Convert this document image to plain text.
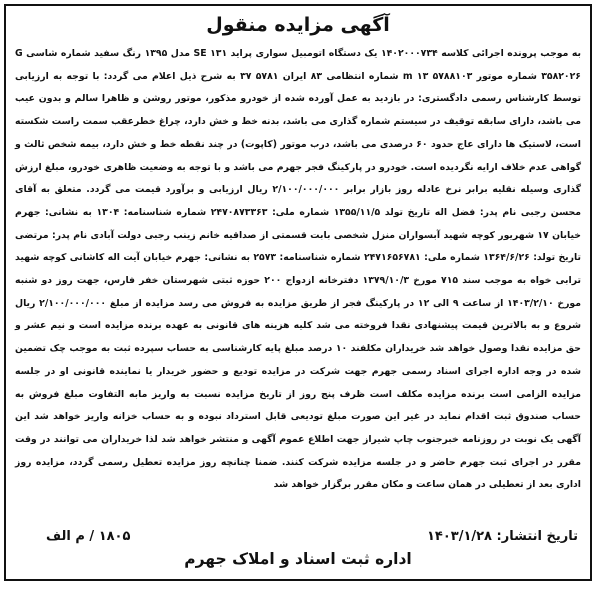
آگهی مزایده منقول

به موجب پرونده اجرائی کلاسه ۱۴۰۲۰۰۰۷۳۴ یک دستگاه اتومبیل سواری پراید SE ۱۳۱ مدل ۱۳۹۵ رنگ سفید شماره شاسی G ۳۵۸۲۰۲۶ شماره موتور ۵۷۸۸۱۰۳ m ۱۳ شماره انتظامی ۸۳ ایران ۵۷۸۱ ۳۷ به شرح ذیل اعلام می گردد: با توجه به ارزیابی توسط کارشناس رسمی دادگستری: در بازدید به عمل آورده شده از خودرو مذکور، موتور روشن و ظاهرا سالم و بدون عیب می باشد، دارای سابقه توقیف در سیستم شماره گذاری می باشد، بدنه خط و خش دارد، چراغ خطرعقب سمت راست شکسته است، لاستیک ها دارای عاج حدود ۶۰ درصدی می باشد، درب موتور (کاپوت) در چند نقطه خط و خش دارد، بیمه شخص ثالث و گواهی عدم خلاف ارایه نگردیده است. خودرو در پارکینگ فجر جهرم می باشد و با توجه به وضعیت ظاهری خودرو، مبلغ ارزش گذاری وسیله نقلیه برابر نرخ عادله روز بازار برابر ۲/۱۰۰/۰۰۰/۰۰۰ ریال ارزیابی و برآورد قیمت می گردد. متعلق به آقای محسن رجبی نام پدر: فضل اله تاریخ تولد ۱۳۵۵/۱۱/۵ شماره ملی: ۲۴۷۰۸۷۳۳۶۳ شماره شناسنامه: ۱۳۰۴ به نشانی: جهرم خیابان ۱۷ شهریور کوچه شهید آبسواران منزل شخصی بابت قسمتی از صداقیه خانم زینب رجبی دولت آبادی نام پدر: مرتضی تاریخ تولد: ۱۳۶۴/۶/۲۶ شماره ملی: ۲۴۷۱۶۵۶۷۸۱ شماره شناسنامه: ۲۵۷۳ به نشانی: جهرم خیابان آیت اله کاشانی کوچه شهید ترابی خواه به موجب سند ۷۱۵ مورخ ۱۳۷۹/۱۰/۳ دفترخانه ازدواج ۲۰۰ حوزه ثبتی شهرستان خفر فارس، جهت روز دو شنبه مورخ ۱۴۰۳/۲/۱۰ از ساعت ۹ الی ۱۲ در پارکینگ فجر از طریق مزایده به فروش می رسد مزایده از مبلغ ۲/۱۰۰/۰۰۰/۰۰۰ ریال شروع و به بالاترین قیمت پیشنهادی نقدا فروخته می شد کلیه هزینه های قانونی به عهده برنده مزایده است و نیم عشر و حق مزایده نقدا وصول خواهد شد خریداران مکلفند ۱۰ درصد مبلغ پایه کارشناسی به حساب سپرده ثبت به موجب چک تضمین شده در وجه اداره اجرای اسناد رسمی جهرم جهت شرکت در مزایده تودیع و حضور خریدار یا نماینده قانونی او در جلسه مزایده الزامی است برنده مزایده مکلف است ظرف پنج روز از تاریخ مزایده نسبت به واریز مابه التفاوت مبلغ فروش به حساب صندوق ثبت اقدام نماید در غیر این صورت مبلغ تودیعی قابل استرداد نبوده و به حساب خزانه واریز خواهد شد این آگهی یک نوبت در روزنامه خبرجنوب چاپ شیراز جهت اطلاع عموم آگهی و منتشر خواهد شد لذا خریداران می توانند در وقت مقرر در اجرای ثبت جهرم حاضر و در جلسه مزایده شرکت کنند. ضمنا چنانچه روز مزایده تعطیل رسمی گردد، مزایده روز اداری بعد از تعطیلی در همان ساعت و مکان مقرر برگزار خواهد شد

تاریخ انتشار: ۱۴۰۳/۱/۲۸
۱۸۰۵ / م الف
اداره ثبت اسناد و املاک جهرم
